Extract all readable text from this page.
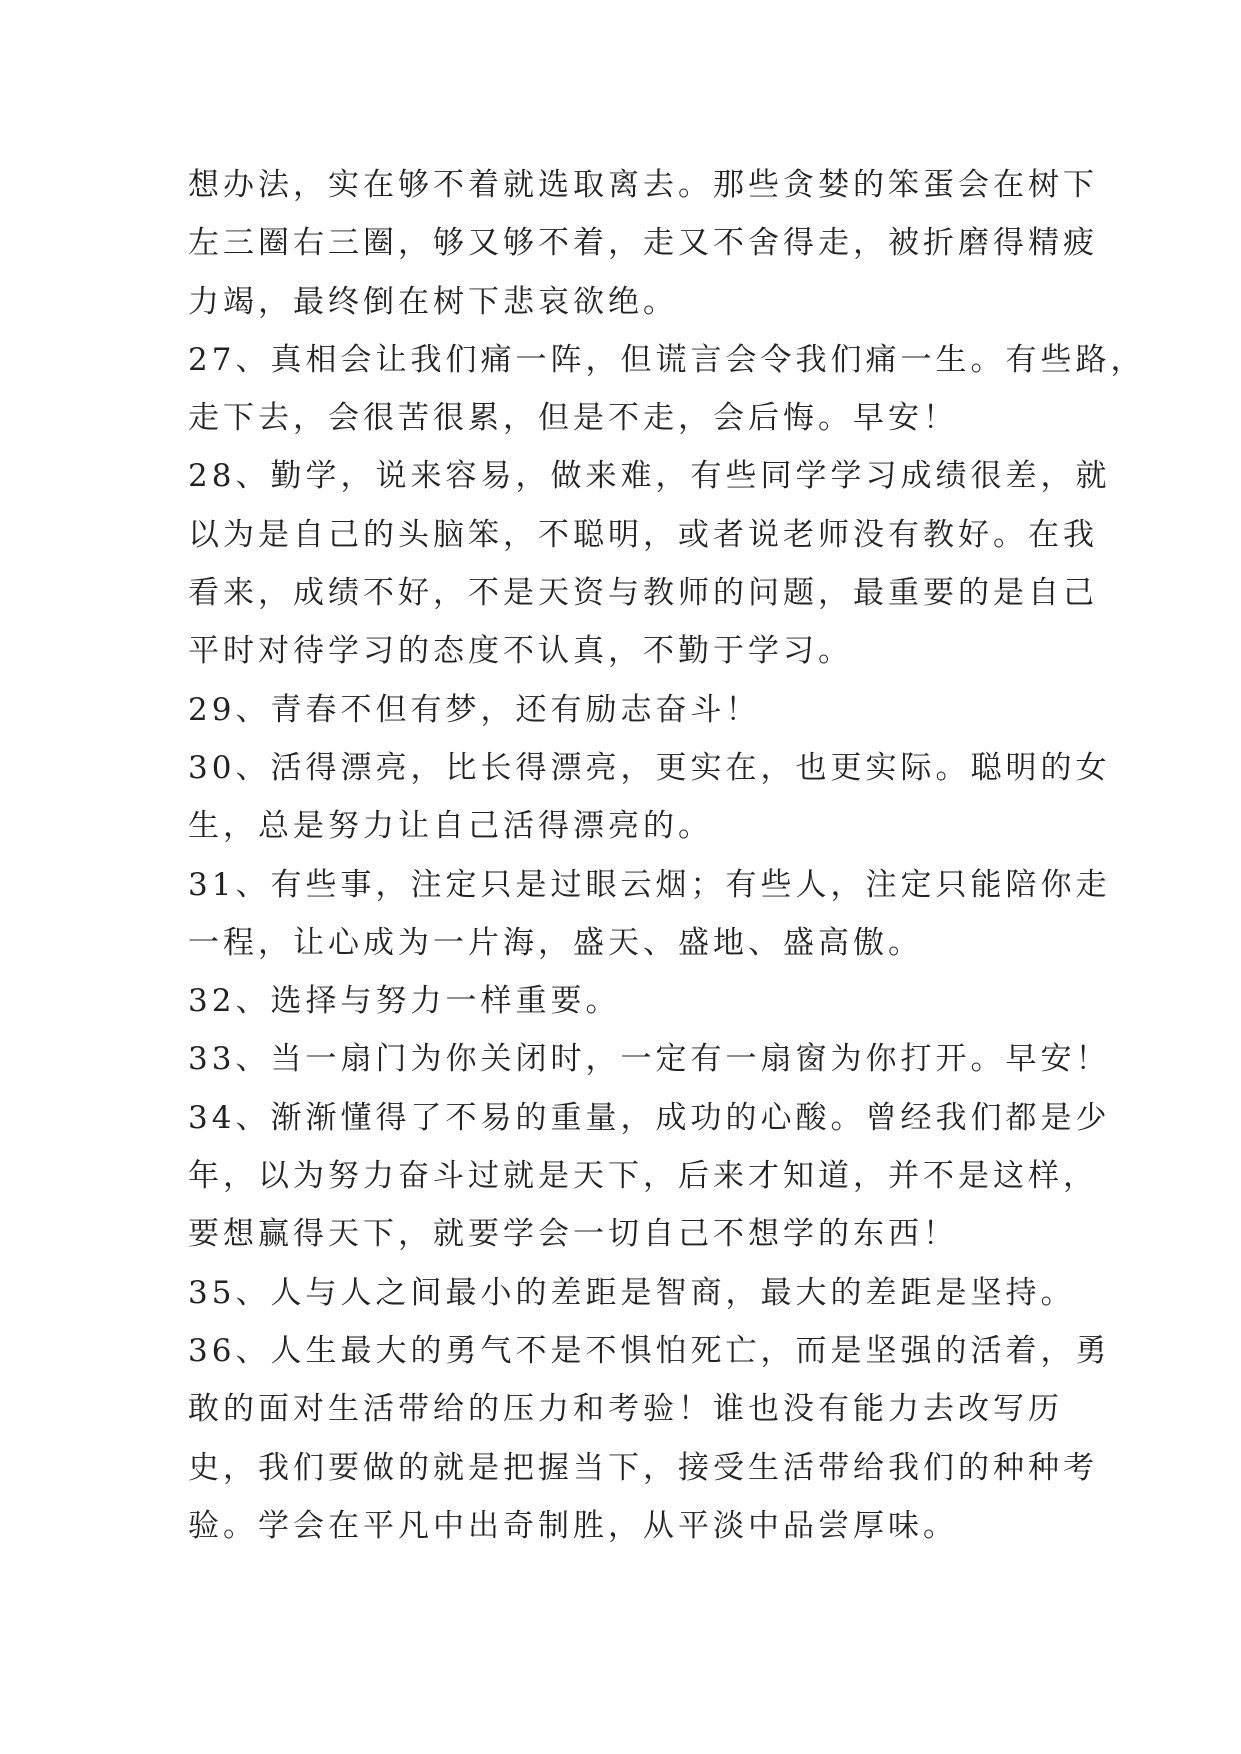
想办法，实在够不着就选取离去。那些贪婪的笨蛋会在树下
左三圈右三圈，够又够不着，走又不舍得走，被折磨得精疲
力竭，最终倒在树下悲哀欲绝。
27、真相会让我们痛一阵，但谎言会令我们痛一生。有些路，
走下去，会很苦很累，但是不走，会后悔。早安！
28、勤学，说来容易，做来难，有些同学学习成绩很差，就
以为是自己的头脑笨，不聪明，或者说老师没有教好。在我
看来，成绩不好，不是天资与教师的问题，最重要的是自己
平时对待学习的态度不认真，不勤于学习。
29、青春不但有梦，还有励志奋斗！
30、活得漂亮，比长得漂亮，更实在，也更实际。聪明的女
生，总是努力让自己活得漂亮的。
31、有些事，注定只是过眼云烟；有些人，注定只能陪你走
一程，让心成为一片海，盛天、盛地、盛高傲。
32、选择与努力一样重要。
33、当一扇门为你关闭时，一定有一扇窗为你打开。早安！
34、渐渐懂得了不易的重量，成功的心酸。曾经我们都是少
年，以为努力奋斗过就是天下，后来才知道，并不是这样，
要想赢得天下，就要学会一切自己不想学的东西！
35、人与人之间最小的差距是智商，最大的差距是坚持。
36、人生最大的勇气不是不惧怕死亡，而是坚强的活着，勇
敢的面对生活带给的压力和考验！谁也没有能力去改写历
史，我们要做的就是把握当下，接受生活带给我们的种种考
验。学会在平凡中出奇制胜，从平淡中品尝厚味。
